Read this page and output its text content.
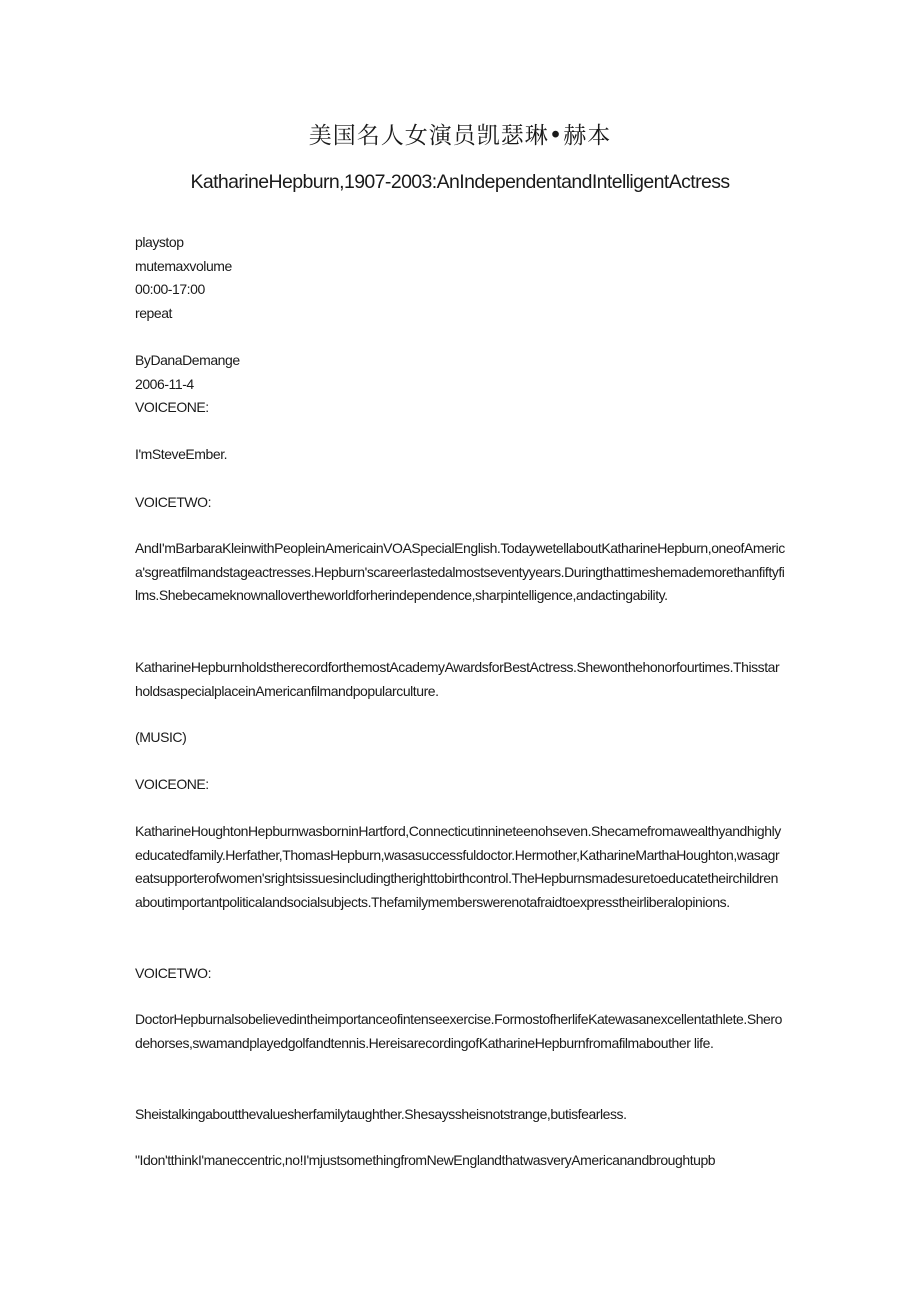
美国名人女演员凯瑟琳•赫本
KatharineHepburn,1907-2003:AnIndependentandIntelligentActress
playstop
mutemaxvolume
00:00-17:00
repeat
ByDanaDemange
2006-11-4
VOICEONE:
I'mSteveEmber.
VOICETWO:
AndI'mBarbaraKleinwithPeopleinAmericainVOASpecialEnglish.TodaywetellaboutKatharineHepburn,oneofAmerica'sgreatfilmandstageactresses.Hepburn'scareerlastedalmostseventyyears.Duringthattimeshemademorethanfiftyfilms.Shebecameknownallovertheworldforherindependence,sharpintelligence,andactingability.
KatharineHepburnholdstherecordforthemostAcademyAwardsforBestActress.Shewonthehonorfourtimes.ThisstarholdsaspecialplaceinAmericanfilmandpopularculture.
(MUSIC)
VOICEONE:
KatharineHoughtonHepburnwasborninHartford,Connecticutinnineteenohseven.Shecamefromawealthyandhighlyeducatedfamily.Herfather,ThomasHepburn,wasasuccessfuldoctor.Hermother,KatharineMarthaHoughton,wasagreatsupporterofwomen'srightsissuesincludingtherighttobirthcontrol.TheHepburnsmadesuretoeducatetheirchildrenaboutimportantpoliticalandsocialsubjects.Thefamilymemberswerenotafraidtoexpresstheirliberalopinions.
VOICETWO:
DoctorHepburnalsobelievedintheimportanceofintenseexercise.FormostofherlifeKatewasanexcellentathlete.Sherodehorses,swamandplayedgolfandtennis.HereisarecordingofKatharineHepburnfromafilmabouther life.
Sheistalkingaboutthevaluesherfamilytaughther.Shesayssheisnotstrange,butisfearless.
"Idon'tthinkI'maneccentric,no!I'mjustsomethingfromNewEnglandthatwasveryAmericanandbroughtupb
